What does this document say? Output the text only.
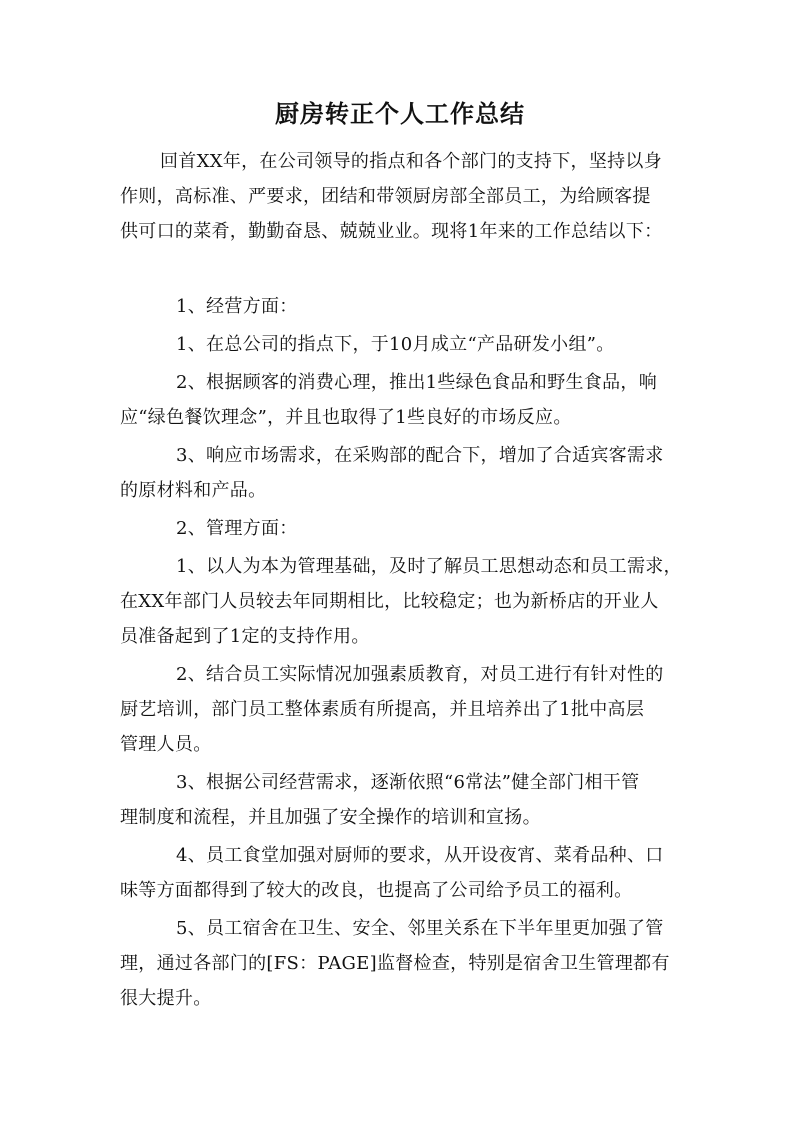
厨房转正个人工作总结

回首XX年，在公司领导的指点和各个部门的支持下，坚持以身

作则，高标准、严要求，团结和带领厨房部全部员工，为给顾客提

供可口的菜肴，勤勤奋恳、兢兢业业。现将1年来的工作总结以下：

1、经营方面：

1、在总公司的指点下，于10月成立“产品研发小组”。

2、根据顾客的消费心理，推出1些绿色食品和野生食品，响

应“绿色餐饮理念”，并且也取得了1些良好的市场反应。

3、响应市场需求，在采购部的配合下，增加了合适宾客需求

的原材料和产品。

2、管理方面：

1、以人为本为管理基础，及时了解员工思想动态和员工需求，

在XX年部门人员较去年同期相比，比较稳定；也为新桥店的开业人

员准备起到了1定的支持作用。

2、结合员工实际情况加强素质教育，对员工进行有针对性的

厨艺培训，部门员工整体素质有所提高，并且培养出了1批中高层

管理人员。

3、根据公司经营需求，逐渐依照“6常法”健全部门相干管

理制度和流程，并且加强了安全操作的培训和宣扬。

4、员工食堂加强对厨师的要求，从开设夜宵、菜肴品种、口

味等方面都得到了较大的改良，也提高了公司给予员工的福利。

5、员工宿舍在卫生、安全、邻里关系在下半年里更加强了管

理，通过各部门的[FS：PAGE]监督检查，特别是宿舍卫生管理都有

很大提升。
